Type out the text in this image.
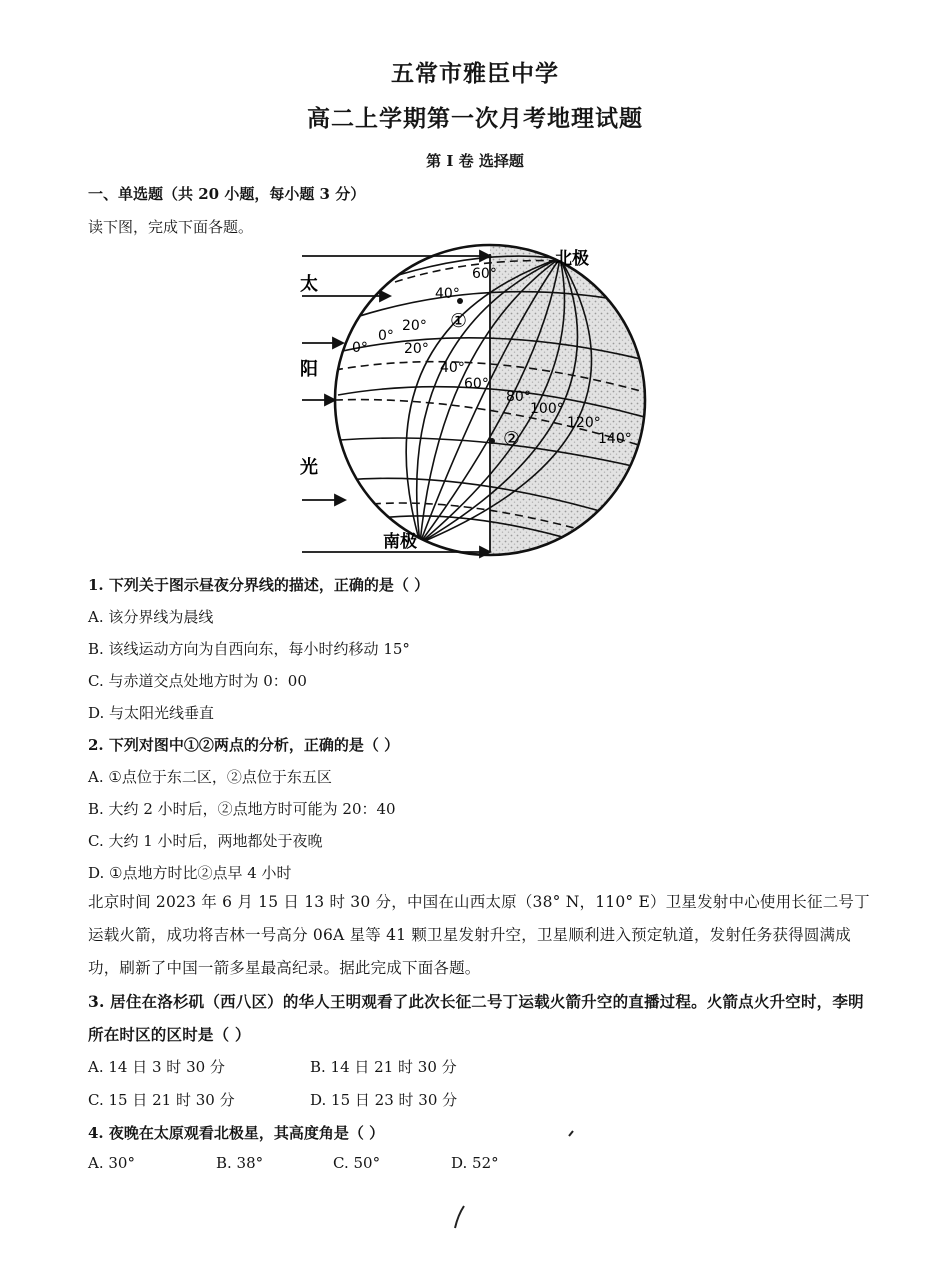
五常市雅臣中学
高二上学期第一次月考地理试题
第 I 卷 选择题
一、单选题（共 20 小题，每小题 3 分）
读下图，完成下面各题。
太
阳
光
北极
南极
①
②
60°
40°
20°
0°
0°	20°
40°
60°
80°
100°
120°
140°
1. 下列关于图示昼夜分界线的描述，正确的是（ ）
A. 该分界线为晨线
B. 该线运动方向为自西向东，每小时约移动 15°
C. 与赤道交点处地方时为 0：00
D. 与太阳光线垂直
2. 下列对图中①②两点的分析，正确的是（ ）
A. ①点位于东二区，②点位于东五区
B. 大约 2 小时后，②点地方时可能为 20：40
C. 大约 1 小时后，两地都处于夜晚
D. ①点地方时比②点早 4 小时
北京时间 2023 年 6 月 15 日 13 时 30 分，中国在山西太原（38° N，110° E）卫星发射中心使用长征二号丁运载火箭，成功将吉林一号高分 06A 星等 41 颗卫星发射升空，卫星顺利进入预定轨道，发射任务获得圆满成功，刷新了中国一箭多星最高纪录。据此完成下面各题。
3. 居住在洛杉矶（西八区）的华人王明观看了此次长征二号丁运载火箭升空的直播过程。火箭点火升空时，李明所在时区的区时是（ ）
A. 14 日 3 时 30 分	B. 14 日 21 时 30 分
C. 15 日 21 时 30 分	D. 15 日 23 时 30 分
4. 夜晚在太原观看北极星，其高度角是（ ）
A. 30°	B. 38°	C. 50°	D. 52°
